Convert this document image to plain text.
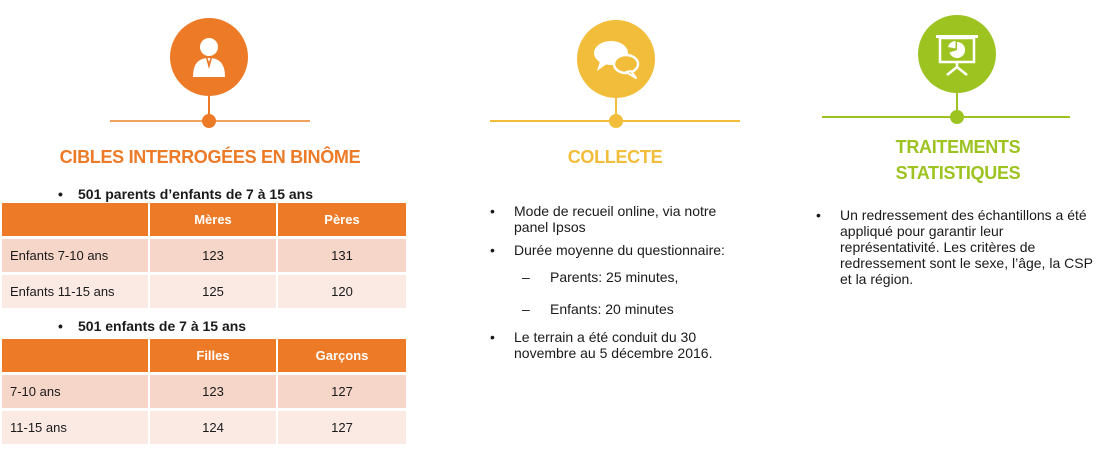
CIBLES INTERROGÉES EN BINÔME
• 501 parents d’enfants de 7 à 15 ans
	Mères	Pères
Enfants 7-10 ans	123	131
Enfants 11-15 ans	125	120
• 501 enfants de 7 à 15 ans
	Filles	Garçons
7-10 ans	123	127
11-15 ans	124	127
COLLECTE
• Mode de recueil online, via notre panel Ipsos
• Durée moyenne du questionnaire:
– Parents: 25 minutes,
– Enfants: 20 minutes
• Le terrain a été conduit du 30 novembre au 5 décembre 2016.
TRAITEMENTS
STATISTIQUES
• Un redressement des échantillons a été appliqué pour garantir leur représentativité. Les critères de redressement sont le sexe, l’âge, la CSP et la région.
